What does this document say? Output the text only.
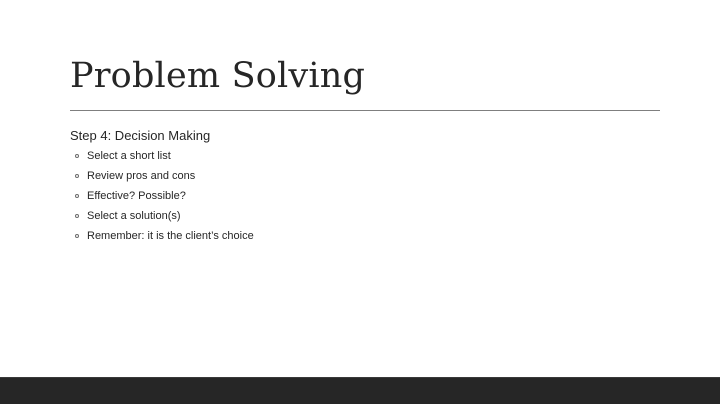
Problem Solving
Step 4: Decision Making
Select a short list
Review pros and cons
Effective? Possible?
Select a solution(s)
Remember: it is the client’s choice
